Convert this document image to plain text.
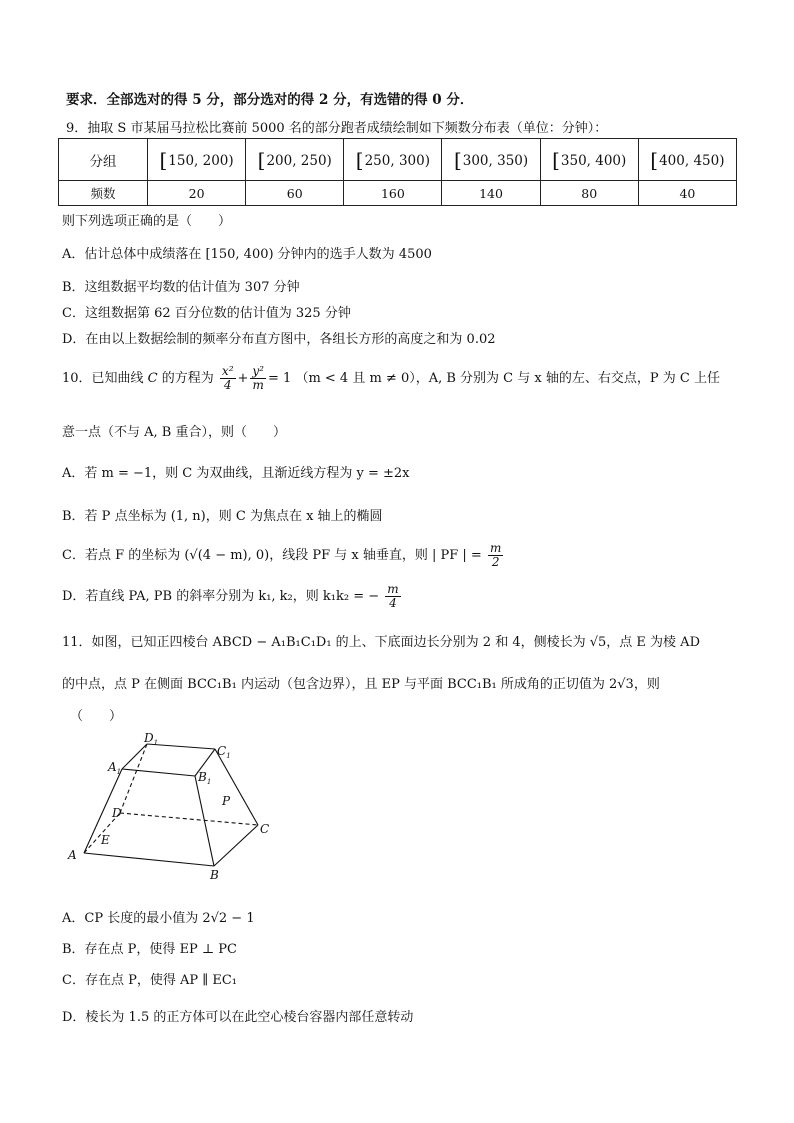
要求．全部选对的得 5 分，部分选对的得 2 分，有选错的得 0 分．
9．抽取 S 市某届马拉松比赛前 5000 名的部分跑者成绩绘制如下频数分布表（单位：分钟）：
分组	[150, 200)	[200, 250)	[250, 300)	[300, 350)	[350, 400)	[400, 450)
频数	20	60	160	140	80	40
则下列选项正确的是（　　）
A．估计总体中成绩落在 [150, 400) 分钟内的选手人数为 4500
B．这组数据平均数的估计值为 307 分钟
C．这组数据第 62 百分位数的估计值为 325 分钟
D．在由以上数据绘制的频率分布直方图中，各组长方形的高度之和为 0.02
10．已知曲线 C 的方程为 $\frac{\text{x²}}{4} + \frac{\text{y²}}{m} = 1$ （m < 4 且 m ≠ 0），A, B 分别为 C 与 x 轴的左、右交点，P 为 C 上任
意一点（不与 A, B 重合），则（　　）
A．若 m = −1，则 C 为双曲线，且渐近线方程为 y = ±2x
B．若 P 点坐标为 (1, n)，则 C 为焦点在 x 轴上的椭圆
C．若点 F 的坐标为 (√(4 − m), 0)，线段 PF 与 x 轴垂直，则 | PF | = $\frac{m}{2}$
D．若直线 PA, PB 的斜率分别为 k₁, k₂，则 k₁k₂ = − $\frac{m}{4}$
11．如图，已知正四棱台 ABCD − A₁B₁C₁D₁ 的上、下底面边长分别为 2 和 4，侧棱长为 √5，点 E 为棱 AD
的中点，点 P 在侧面 BCC₁B₁ 内运动（包含边界），且 EP 与平面 BCC₁B₁ 所成角的正切值为 2√3，则
（　　）
A
B
C
D
E
P
$A_1$	$B_1$
$C_1$
$D_1$
A．CP 长度的最小值为 2√2 − 1
B．存在点 P，使得 EP ⊥ PC
C．存在点 P，使得 AP ∥ EC₁
D．棱长为 1.5 的正方体可以在此空心棱台容器内部任意转动
